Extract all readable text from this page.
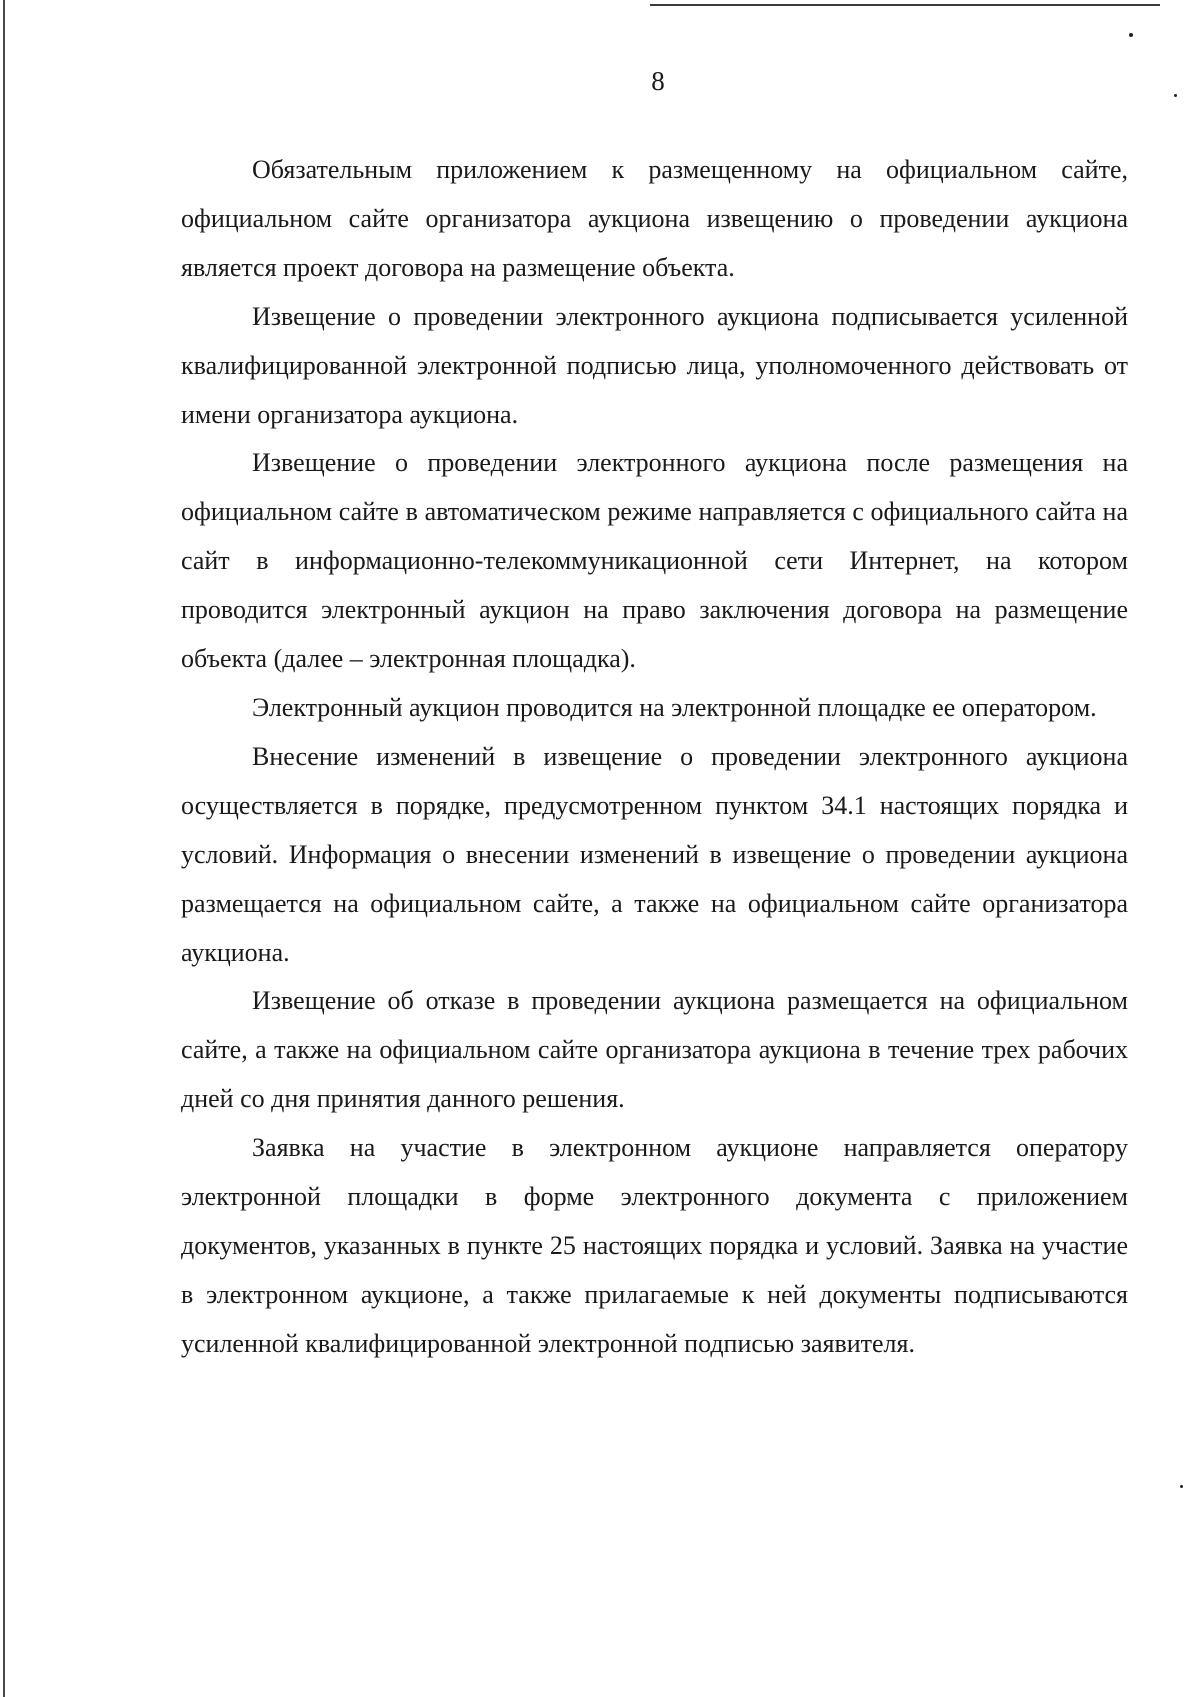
8

Обязательным приложением к размещенному на официальном сайте, официальном сайте организатора аукциона извещению о проведении аукциона является проект договора на размещение объекта.

Извещение о проведении электронного аукциона подписывается усиленной квалифицированной электронной подписью лица, уполномоченного действовать от имени организатора аукциона.

Извещение о проведении электронного аукциона после размещения на официальном сайте в автоматическом режиме направляется с официального сайта на сайт в информационно-телекоммуникационной сети Интернет, на котором проводится электронный аукцион на право заключения договора на размещение объекта (далее – электронная площадка).

Электронный аукцион проводится на электронной площадке ее оператором.

Внесение изменений в извещение о проведении электронного аукциона осуществляется в порядке, предусмотренном пунктом 34.1 настоящих порядка и условий. Информация о внесении изменений в извещение о проведении аукциона размещается на официальном сайте, а также на официальном сайте организатора аукциона.

Извещение об отказе в проведении аукциона размещается на официальном сайте, а также на официальном сайте организатора аукциона в течение трех рабочих дней со дня принятия данного решения.

Заявка на участие в электронном аукционе направляется оператору электронной площадки в форме электронного документа с приложением документов, указанных в пункте 25 настоящих порядка и условий. Заявка на участие в электронном аукционе, а также прилагаемые к ней документы подписываются усиленной квалифицированной электронной подписью заявителя.
